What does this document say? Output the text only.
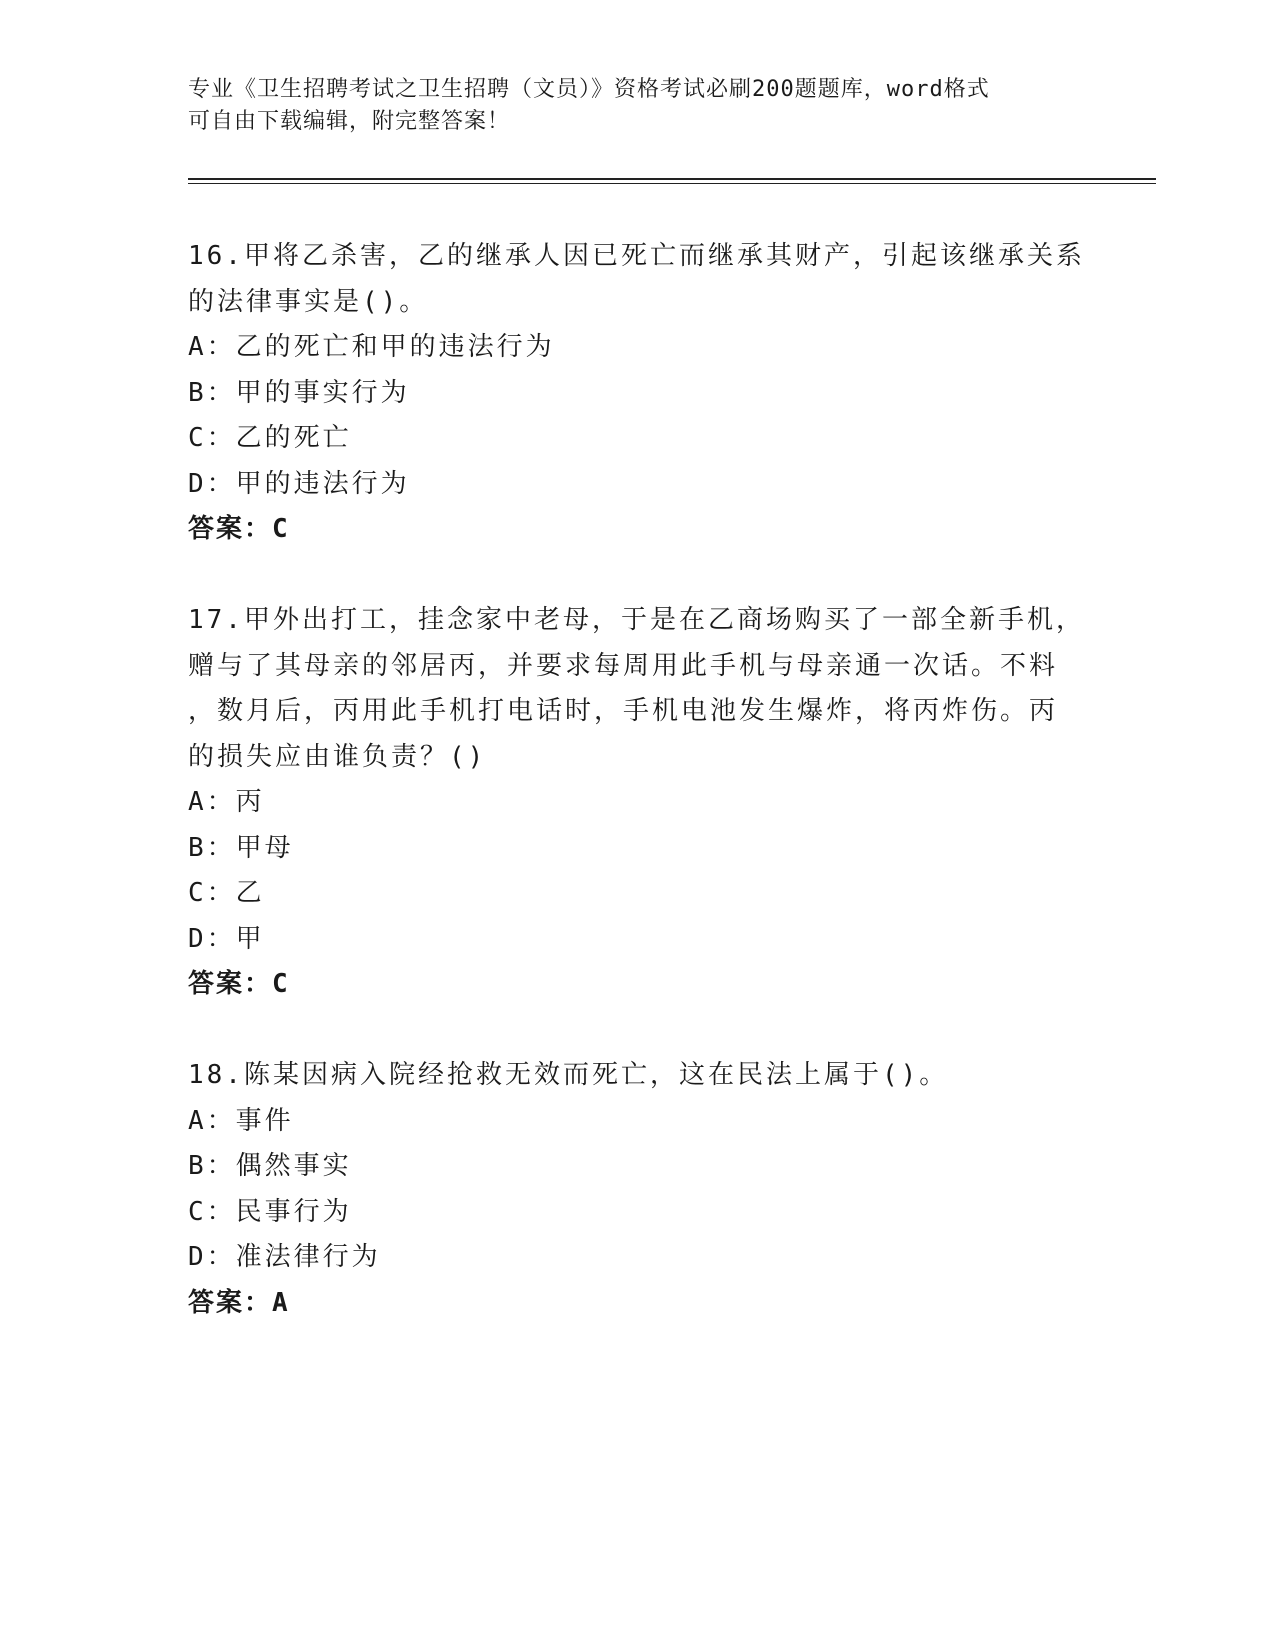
专业《卫生招聘考试之卫生招聘（文员）》资格考试必刷200题题库，word格式
可自由下载编辑，附完整答案！
16.甲将乙杀害，乙的继承人因已死亡而继承其财产，引起该继承关系
的法律事实是()。
A：乙的死亡和甲的违法行为
B：甲的事实行为
C：乙的死亡
D：甲的违法行为
答案：C
17.甲外出打工，挂念家中老母，于是在乙商场购买了一部全新手机，
赠与了其母亲的邻居丙，并要求每周用此手机与母亲通一次话。不料
，数月后，丙用此手机打电话时，手机电池发生爆炸，将丙炸伤。丙
的损失应由谁负责？()
A：丙
B：甲母
C：乙
D：甲
答案：C
18.陈某因病入院经抢救无效而死亡，这在民法上属于()。
A：事件
B：偶然事实
C：民事行为
D：准法律行为
答案：A
